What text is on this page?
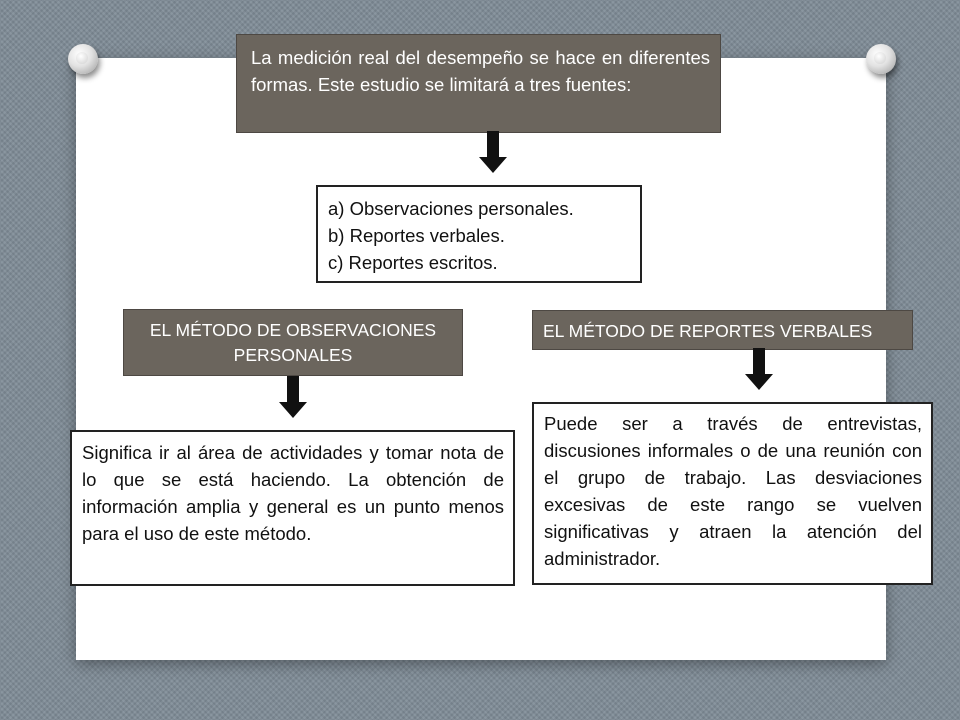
La medición real del desempeño se hace en diferentes formas. Este estudio se limitará a tres fuentes:
a) Observaciones personales.
b) Reportes verbales.
c) Reportes escritos.
EL MÉTODO DE OBSERVACIONES PERSONALES
EL MÉTODO DE REPORTES VERBALES
Significa ir al área de actividades y tomar nota de lo que se está haciendo. La obtención de información amplia y general es un punto menos para el uso de este método.
Puede ser a través de entrevistas, discusiones informales o de una reunión con el grupo de trabajo. Las desviaciones excesivas de este rango se vuelven significativas y atraen la atención del administrador.
